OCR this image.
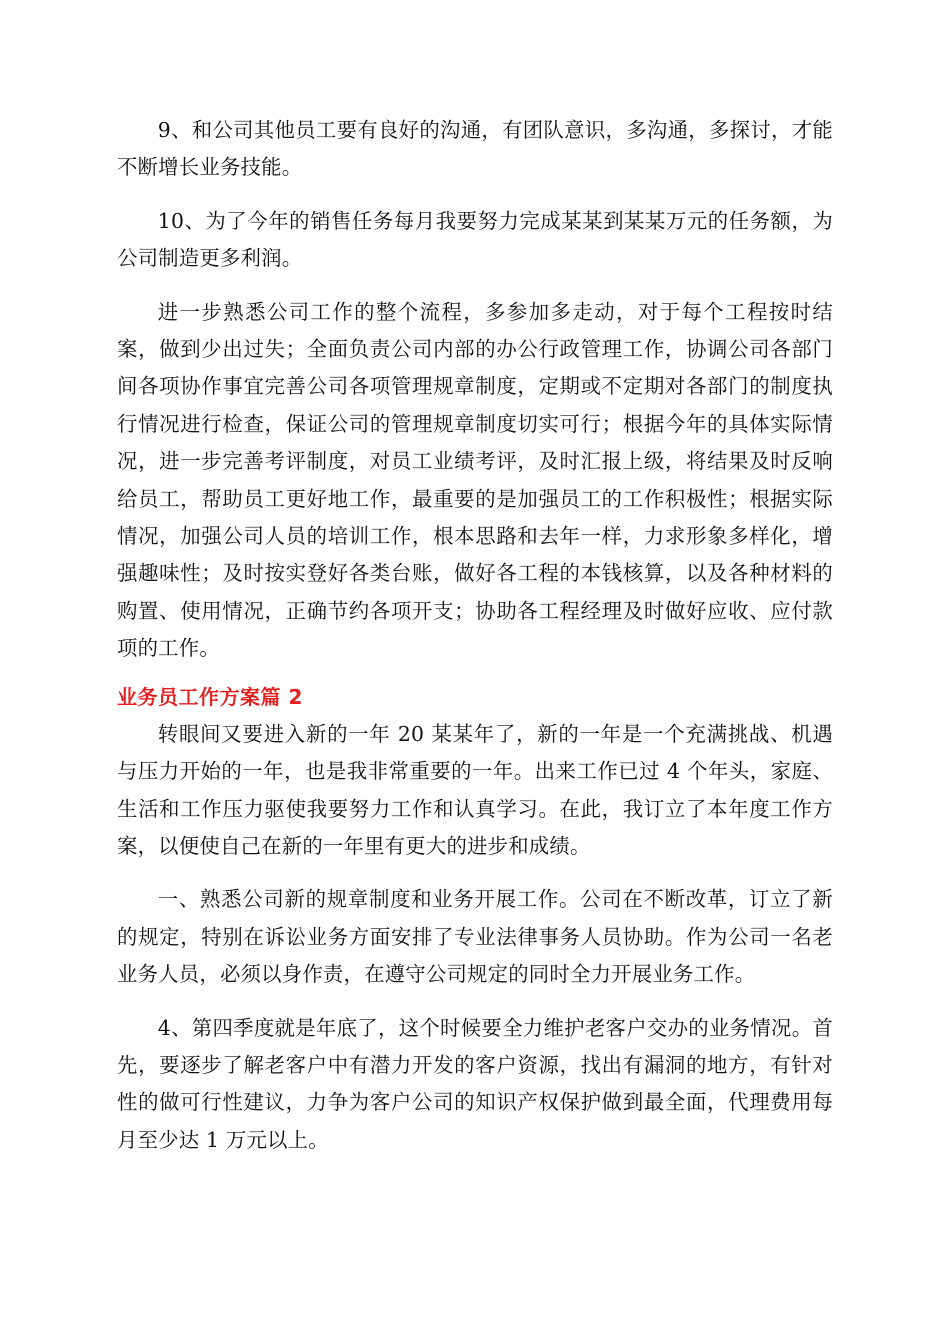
9、和公司其他员工要有良好的沟通，有团队意识，多沟通，多探讨，才能不断增长业务技能。

10、为了今年的销售任务每月我要努力完成某某到某某万元的任务额，为公司制造更多利润。

进一步熟悉公司工作的整个流程，多参加多走动，对于每个工程按时结案，做到少出过失；全面负责公司内部的办公行政管理工作，协调公司各部门间各项协作事宜完善公司各项管理规章制度，定期或不定期对各部门的制度执行情况进行检查，保证公司的管理规章制度切实可行；根据今年的具体实际情况，进一步完善考评制度，对员工业绩考评，及时汇报上级，将结果及时反响给员工，帮助员工更好地工作，最重要的是加强员工的工作积极性；根据实际情况，加强公司人员的培训工作，根本思路和去年一样，力求形象多样化，增强趣味性；及时按实登好各类台账，做好各工程的本钱核算，以及各种材料的购置、使用情况，正确节约各项开支；协助各工程经理及时做好应收、应付款项的工作。

业务员工作方案篇 2

转眼间又要进入新的一年 20 某某年了，新的一年是一个充满挑战、机遇与压力开始的一年，也是我非常重要的一年。出来工作已过 4 个年头，家庭、生活和工作压力驱使我要努力工作和认真学习。在此，我订立了本年度工作方案，以便使自己在新的一年里有更大的进步和成绩。

一、熟悉公司新的规章制度和业务开展工作。公司在不断改革，订立了新的规定，特别在诉讼业务方面安排了专业法律事务人员协助。作为公司一名老业务人员，必须以身作责，在遵守公司规定的同时全力开展业务工作。

4、第四季度就是年底了，这个时候要全力维护老客户交办的业务情况。首先，要逐步了解老客户中有潜力开发的客户资源，找出有漏洞的地方，有针对性的做可行性建议，力争为客户公司的知识产权保护做到最全面，代理费用每月至少达 1 万元以上。
